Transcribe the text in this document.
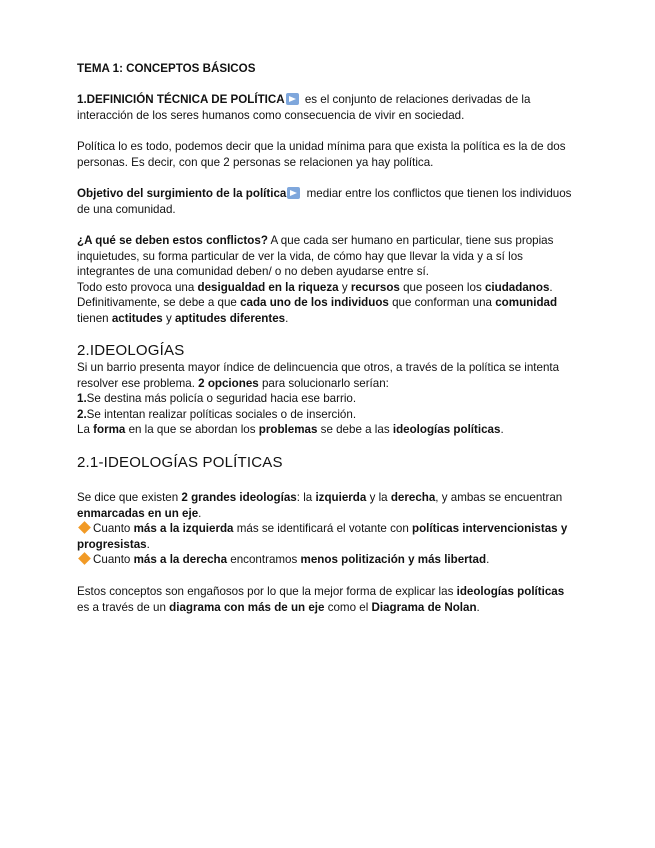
TEMA 1: CONCEPTOS BÁSICOS

1.DEFINICIÓN TÉCNICA DE POLÍTICA es el conjunto de relaciones derivadas de la interacción de los seres humanos como consecuencia de vivir en sociedad.

Política lo es todo, podemos decir que la unidad mínima para que exista la política es la de dos personas. Es decir, con que 2 personas se relacionen ya hay política.

Objetivo del surgimiento de la política mediar entre los conflictos que tienen los individuos de una comunidad.

¿A qué se deben estos conflictos? A que cada ser humano en particular, tiene sus propias inquietudes, su forma particular de ver la vida, de cómo hay que llevar la vida y a sí los integrantes de una comunidad deben/ o no deben ayudarse entre sí.

Todo esto provoca una desigualdad en la riqueza y recursos que poseen los ciudadanos. Definitivamente, se debe a que cada uno de los individuos que conforman una comunidad tienen actitudes y aptitudes diferentes.

2.IDEOLOGÍAS

Si un barrio presenta mayor índice de delincuencia que otros, a través de la política se intenta resolver ese problema. 2 opciones para solucionarlo serían:

1.Se destina más policía o seguridad hacia ese barrio.

2.Se intentan realizar políticas sociales o de inserción.

La forma en la que se abordan los problemas se debe a las ideologías políticas.

2.1-IDEOLOGÍAS POLÍTICAS

Se dice que existen 2 grandes ideologías: la izquierda y la derecha, y ambas se encuentran enmarcadas en un eje.

Cuanto más a la izquierda más se identificará el votante con políticas intervencionistas y progresistas.

Cuanto más a la derecha encontramos menos politización y más libertad.

Estos conceptos son engañosos por lo que la mejor forma de explicar las ideologías políticas es a través de un diagrama con más de un eje como el Diagrama de Nolan.
